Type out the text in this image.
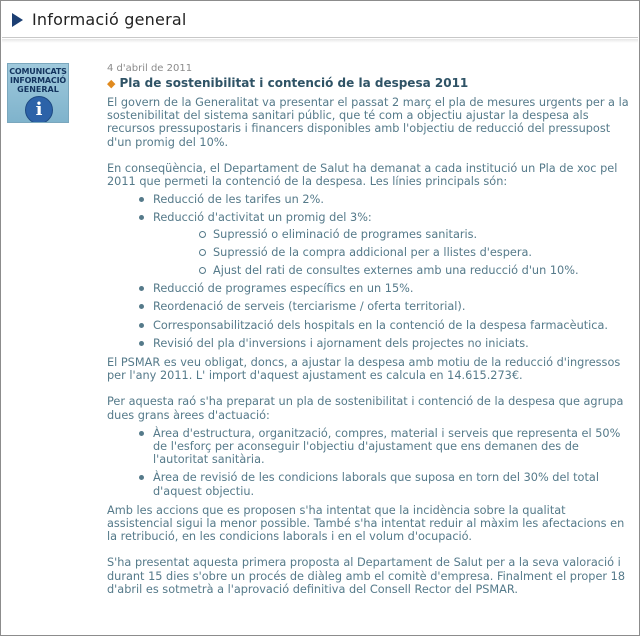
Informació general
COMUNICATS
INFORMACIÓ
GENERAL
i
4 d'abril de 2011
◆ Pla de sostenibilitat i contenció de la despesa 2011

El govern de la Generalitat va presentar el passat 2 març el pla de mesures urgents per a la sostenibilitat del sistema sanitari públic, que té com a objectiu ajustar la despesa als recursos pressupostaris i financers disponibles amb l'objectiu de reducció del pressupost d'un promig del 10%.

En conseqüència, el Departament de Salut ha demanat a cada institució un Pla de xoc pel 2011 que permeti la contenció de la despesa. Les línies principals són:

Reducció de les tarifes un 2%.
Reducció d'activitat un promig del 3%:
Supressió o eliminació de programes sanitaris.
Supressió de la compra addicional per a llistes d'espera.
Ajust del rati de consultes externes amb una reducció d'un 10%.
Reducció de programes específics en un 15%.
Reordenació de serveis (terciarisme / oferta territorial).
Corresponsabilització dels hospitals en la contenció de la despesa farmacèutica.
Revisió del pla d'inversions i ajornament dels projectes no iniciats.

El PSMAR es veu obligat, doncs, a ajustar la despesa amb motiu de la reducció d'ingressos per l'any 2011. L' import d'aquest ajustament es calcula en 14.615.273€.

Per aquesta raó s'ha preparat un pla de sostenibilitat i contenció de la despesa que agrupa dues grans àrees d'actuació:

Àrea d'estructura, organització, compres, material i serveis que representa el 50% de l'esforç per aconseguir l'objectiu d'ajustament que ens demanen des de l'autoritat sanitària.
Àrea de revisió de les condicions laborals que suposa en torn del 30% del total d'aquest objectiu.

Amb les accions que es proposen s'ha intentat que la incidència sobre la qualitat assistencial sigui la menor possible. També s'ha intentat reduir al màxim les afectacions en la retribució, en les condicions laborals i en el volum d'ocupació.

S'ha presentat aquesta primera proposta al Departament de Salut per a la seva valoració i durant 15 dies s'obre un procés de diàleg amb el comitè d'empresa. Finalment el proper 18 d'abril es sotmetrà a l'aprovació definitiva del Consell Rector del PSMAR.
